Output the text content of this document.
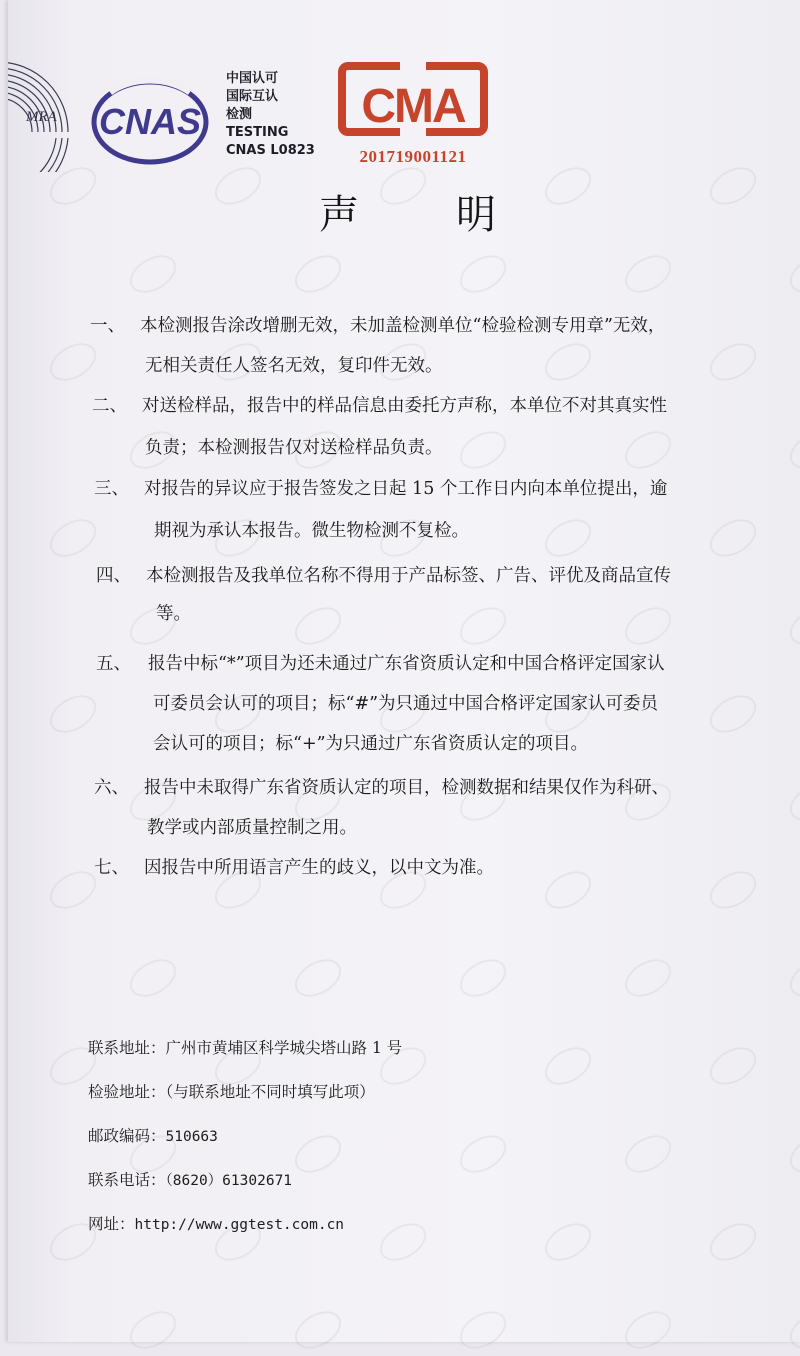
MRA CNAS
中国认可
国际互认
检测
TESTING
CNAS L0823
CMA
201719001121
声 明
一、 本检测报告涂改增删无效，未加盖检测单位“检验检测专用章”无效，
无相关责任人签名无效，复印件无效。
二、 对送检样品，报告中的样品信息由委托方声称，本单位不对其真实性
负责；本检测报告仅对送检样品负责。
三、 对报告的异议应于报告签发之日起 15 个工作日内向本单位提出，逾
期视为承认本报告。微生物检测不复检。
四、 本检测报告及我单位名称不得用于产品标签、广告、评优及商品宣传
等。
五、 报告中标“*”项目为还未通过广东省资质认定和中国合格评定国家认
可委员会认可的项目；标“#”为只通过中国合格评定国家认可委员
会认可的项目；标“+”为只通过广东省资质认定的项目。
六、 报告中未取得广东省资质认定的项目，检测数据和结果仅作为科研、
教学或内部质量控制之用。
七、 因报告中所用语言产生的歧义，以中文为准。
联系地址：广州市黄埔区科学城尖塔山路 1 号
检验地址：（与联系地址不同时填写此项）
邮政编码：510663
联系电话：（8620）61302671
网址：http://www.ggtest.com.cn
